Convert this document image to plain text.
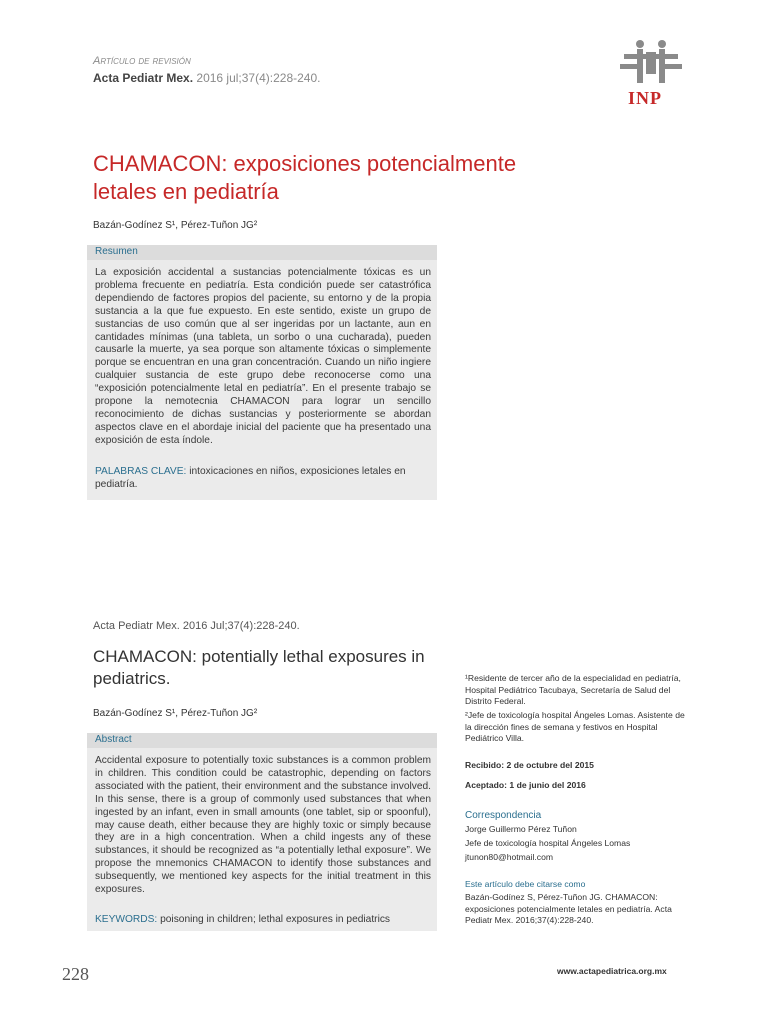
Artículo de revisión
Acta Pediatr Mex. 2016 jul;37(4):228-240.
INP
CHAMACON: exposiciones potencialmente letales en pediatría
Bazán-Godínez S¹, Pérez-Tuñon JG²
Resumen
La exposición accidental a sustancias potencialmente tóxicas es un problema frecuente en pediatría. Esta condición puede ser catastrófica dependiendo de factores propios del paciente, su entorno y de la propia sustancia a la que fue expuesto. En este sentido, existe un grupo de sustancias de uso común que al ser ingeridas por un lactante, aun en cantidades mínimas (una tableta, un sorbo o una cucharada), pueden causarle la muerte, ya sea porque son altamente tóxicas o simplemente porque se encuentran en una gran concentración. Cuando un niño ingiere cualquier sustancia de este grupo debe reconocerse como una “exposición potencialmente letal en pediatría”. En el presente trabajo se propone la nemotecnia CHAMACON para lograr un sencillo reconocimiento de dichas sustancias y posteriormente se abordan aspectos clave en el abordaje inicial del paciente que ha presentado una exposición de esta índole.
PALABRAS CLAVE: intoxicaciones en niños, exposiciones letales en pediatría.
Acta Pediatr Mex. 2016 Jul;37(4):228-240.
CHAMACON: potentially lethal exposures in pediatrics.
Bazán-Godínez S¹, Pérez-Tuñon JG²
Abstract
Accidental exposure to potentially toxic substances is a common problem in children. This condition could be catastrophic, depending on factors associated with the patient, their environment and the substance involved. In this sense, there is a group of commonly used substances that when ingested by an infant, even in small amounts (one tablet, sip or spoonful), may cause death, either because they are highly toxic or simply because they are in a high concentration. When a child ingests any of these substances, it should be recognized as “a potentially lethal exposure”. We propose the mnemonics CHAMACON to identify those substances and subsequently, we mentioned key aspects for the initial treatment in this exposures.
KEYWORDS: poisoning in children; lethal exposures in pediatrics
¹Residente de tercer año de la especialidad en pediatría, Hospital Pediátrico Tacubaya, Secretaría de Salud del Distrito Federal.
²Jefe de toxicología hospital Ángeles Lomas. Asistente de la dirección fines de semana y festivos en Hospital Pediátrico Villa.
Recibido: 2 de octubre del 2015
Aceptado: 1 de junio del 2016
Correspondencia
Jorge Guillermo Pérez Tuñon
Jefe de toxicología hospital Ángeles Lomas
jtunon80@hotmail.com
Este artículo debe citarse como
Bazán-Godínez S, Pérez-Tuñon JG. CHAMACON: exposiciones potencialmente letales en pediatría. Acta Pediatr Mex. 2016;37(4):228-240.
228	www.actapediatrica.org.mx
